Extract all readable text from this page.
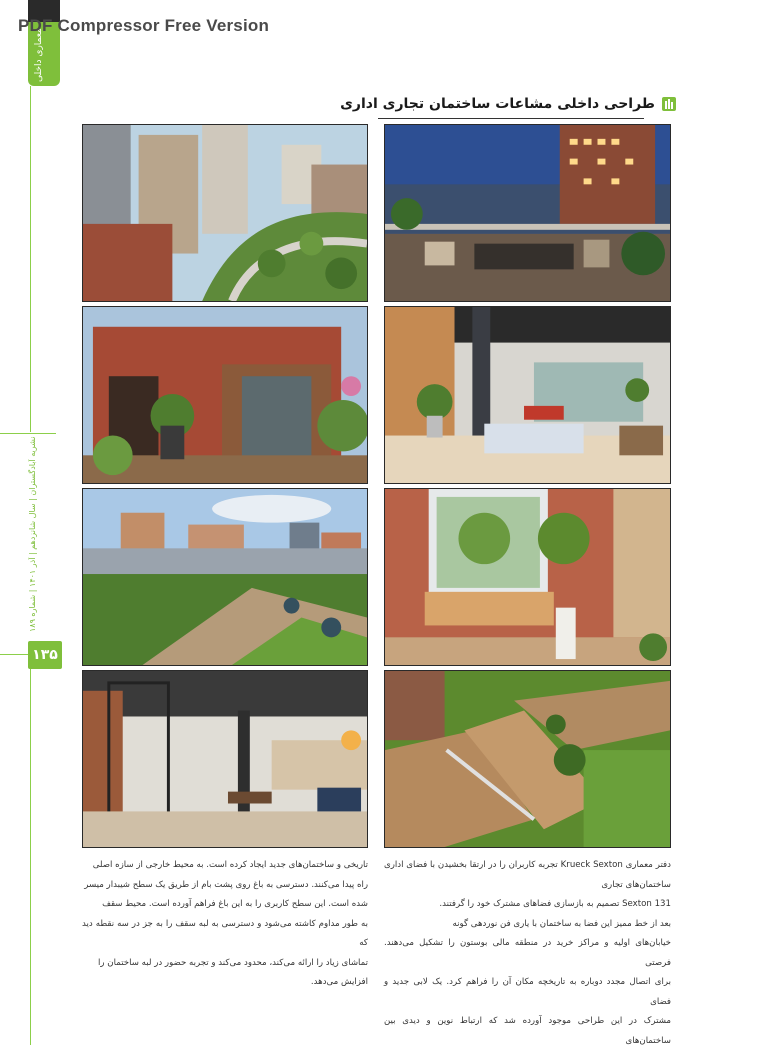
PDF Compressor Free Version
معماری داخلی
نشریه آبادگستران | سال شانزدهم | آذر ۱۴۰۱ | شماره ۱۸۹
۱۳۵
طراحی داخلی مشاعات ساختمان تجاری اداری
دفتر معماری Krueck Sexton تجربه کاربران را در ارتقا بخشیدن با فضای اداری ساختمان‌های تجاری
131 Sexton تصمیم به بازسازی فضاهای مشترک خود را گرفتند.
بعد از خط ممیز این فضا به ساختمان با یاری فن نوردهی گونه
خیابان‌های اولیه و مراکز خرید در منطقه مالی بوستون را تشکیل می‌دهند. فرصتی
برای اتصال مجدد دوباره به تاریخچه مکان آن را فراهم کرد. یک لابی جدید و فضای
مشترک در این طراحی موجود آورده شد که ارتباط نوین و دیدی بین ساختمان‌های
تاریخی و ساختمان‌های جدید ایجاد کرده است. به محیط خارجی از سازه اصلی
راه پیدا می‌کنند. دسترسی به باغ روی پشت بام از طریق یک سطح شیبدار میسر
شده است. این سطح کاربری را به این باغ فراهم آورده است. محیط سقف
به طور مداوم کاشته می‌شود و دسترسی به لبه سقف را به جز در سه نقطه دید که
تماشای زیاد را ارائه می‌کند، محدود می‌کند و تجربه حضور در لبه ساختمان را
افزایش می‌دهد.
